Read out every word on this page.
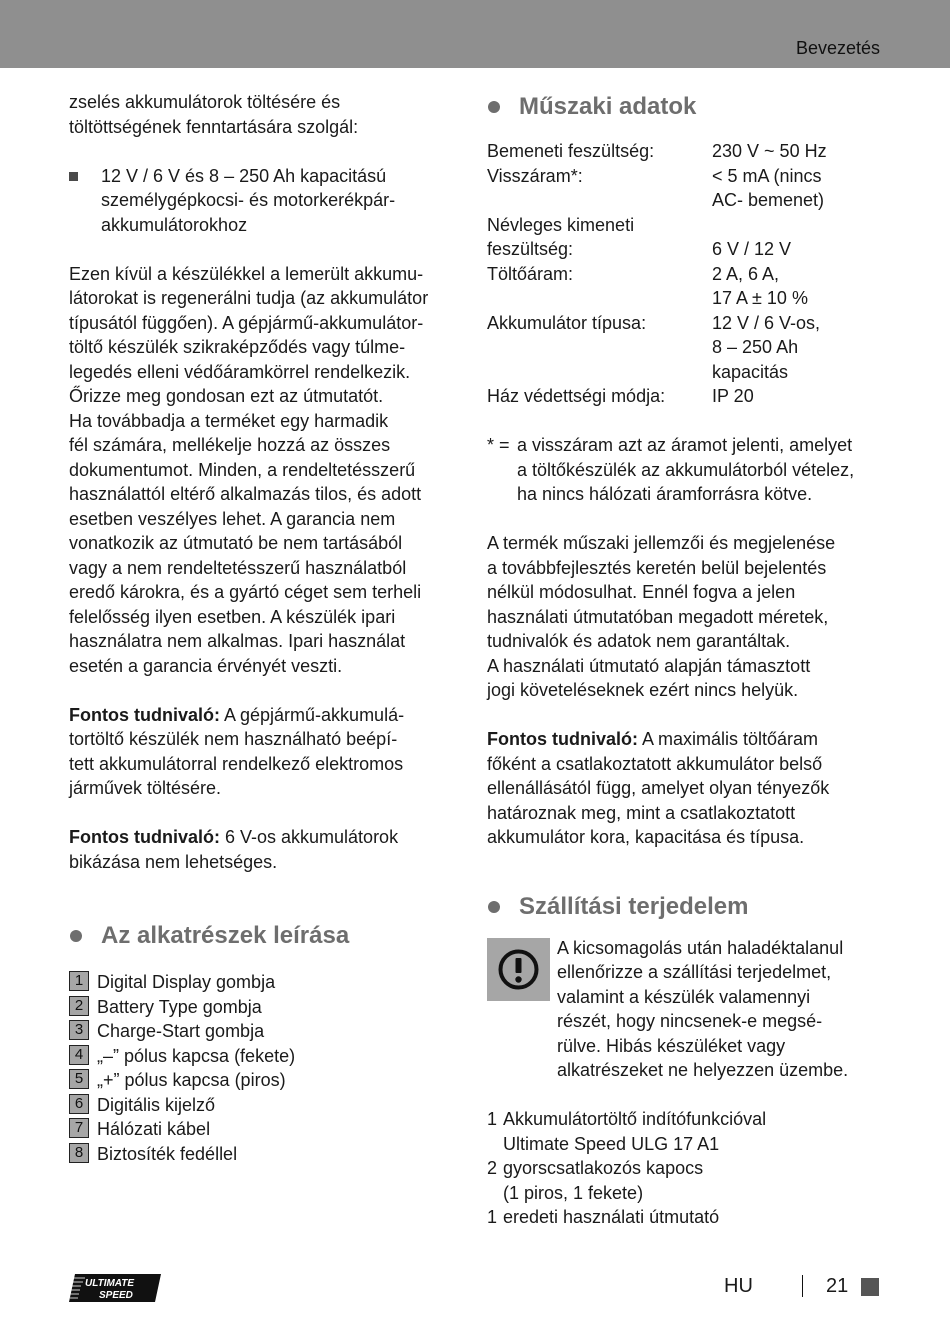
Bevezetés

zselés akkumulátorok töltésére és
töltöttségének fenntartására szolgál:

12 V / 6 V és 8 – 250 Ah kapacitású
személygépkocsi- és motorkerékpár-
akkumulátorokhoz

Ezen kívül a készülékkel a lemerült akkumu-
látorokat is regenerálni tudja (az akkumulátor
típusától függően). A gépjármű-akkumulátor-
töltő készülék szikraképződés vagy túlme-
legedés elleni védőáramkörrel rendelkezik.
Őrizze meg gondosan ezt az útmutatót.
Ha továbbadja a terméket egy harmadik
fél számára, mellékelje hozzá az összes
dokumentumot. Minden, a rendeltetésszerű
használattól eltérő alkalmazás tilos, és adott
esetben veszélyes lehet. A garancia nem
vonatkozik az útmutató be nem tartásából
vagy a nem rendeltetésszerű használatból
eredő károkra, és a gyártó céget sem terheli
felelősség ilyen esetben. A készülék ipari
használatra nem alkalmas. Ipari használat
esetén a garancia érvényét veszti.

Fontos tudnivaló: A gépjármű-akkumulá-
tortöltő készülék nem használható beépí-
tett akkumulátorral rendelkező elektromos
járművek töltésére.

Fontos tudnivaló: 6 V-os akkumulátorok
bikázása nem lehetséges.

Az alkatrészek leírása
1 Digital Display gombja
2 Battery Type gombja
3 Charge-Start gombja
4 „–” pólus kapcsa (fekete)
5 „+” pólus kapcsa (piros)
6 Digitális kijelző
7 Hálózati kábel
8 Biztosíték fedéllel
Műszaki adatok
Bemeneti feszültség:	230 V ~ 50 Hz
Visszáram*:	< 5 mA (nincs
AC- bemenet)
Névleges kimeneti
feszültség:	6 V / 12 V
Töltőáram:	2 A, 6 A,
17 A ± 10 %
Akkumulátor típusa:	12 V / 6 V-os,
8 – 250 Ah
kapacitás
Ház védettségi módja:	IP 20
* = a visszáram azt az áramot jelenti, amelyet
a töltőkészülék az akkumulátorból vételez,
ha nincs hálózati áramforrásra kötve.

A termék műszaki jellemzői és megjelenése
a továbbfejlesztés keretén belül bejelentés
nélkül módosulhat. Ennél fogva a jelen
használati útmutatóban megadott méretek,
tudnivalók és adatok nem garantáltak.
A használati útmutató alapján támasztott
jogi követeléseknek ezért nincs helyük.

Fontos tudnivaló: A maximális töltőáram
főként a csatlakoztatott akkumulátor belső
ellenállásától függ, amelyet olyan tényezők
határoznak meg, mint a csatlakoztatott
akkumulátor kora, kapacitása és típusa.

Szállítási terjedelem
A kicsomagolás után haladéktalanul
ellenőrizze a szállítási terjedelmet,
valamint a készülék valamennyi
részét, hogy nincsenek-e megsé-
rülve. Hibás készüléket vagy
alkatrészeket ne helyezzen üzembe.
1 Akkumulátortöltő indítófunkcióval
Ultimate Speed ULG 17 A1
2 gyorscsatlakozós kapocs
(1 piros, 1 fekete)
1 eredeti használati útmutató
ULTIMATE
SPEED	HU	21
